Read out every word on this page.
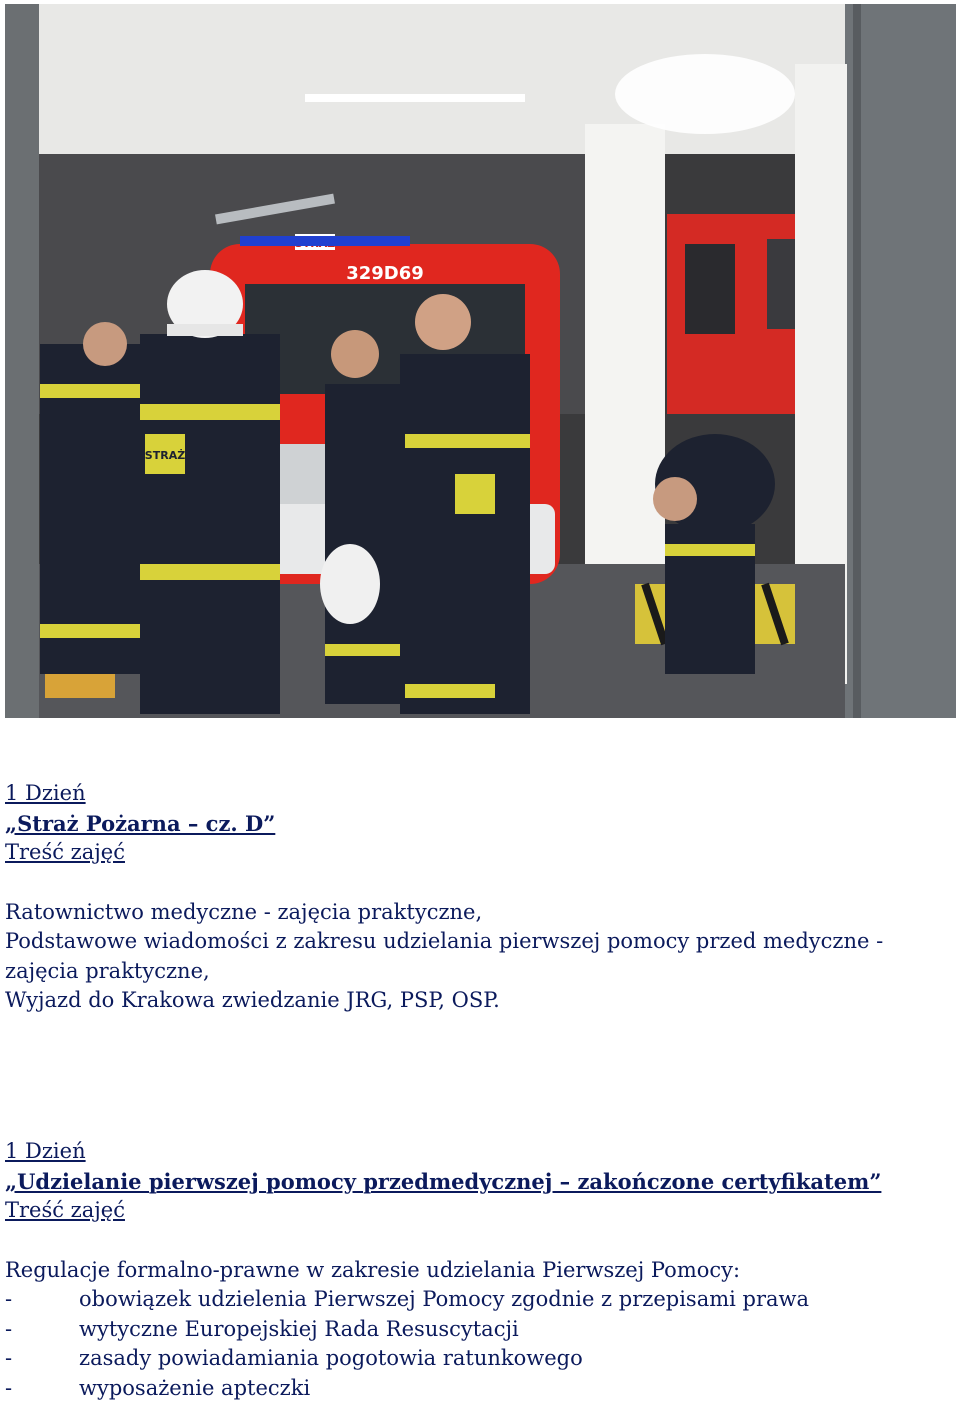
329D69
STRAŻ
1 Dzień
„Straż Pożarna – cz. D”
Treść zajęć
Ratownictwo medyczne - zajęcia praktyczne,
Podstawowe wiadomości z zakresu udzielania pierwszej pomocy przed medyczne -
zajęcia praktyczne,
Wyjazd do Krakowa zwiedzanie JRG, PSP, OSP.
1 Dzień
„Udzielanie pierwszej pomocy przedmedycznej – zakończone certyfikatem”
Treść zajęć
Regulacje formalno-prawne w zakresie udzielania Pierwszej Pomocy:
-	obowiązek udzielenia Pierwszej Pomocy zgodnie z przepisami prawa
-	wytyczne Europejskiej Rada Resuscytacji
-	zasady powiadamiania pogotowia ratunkowego
-	wyposażenie apteczki
